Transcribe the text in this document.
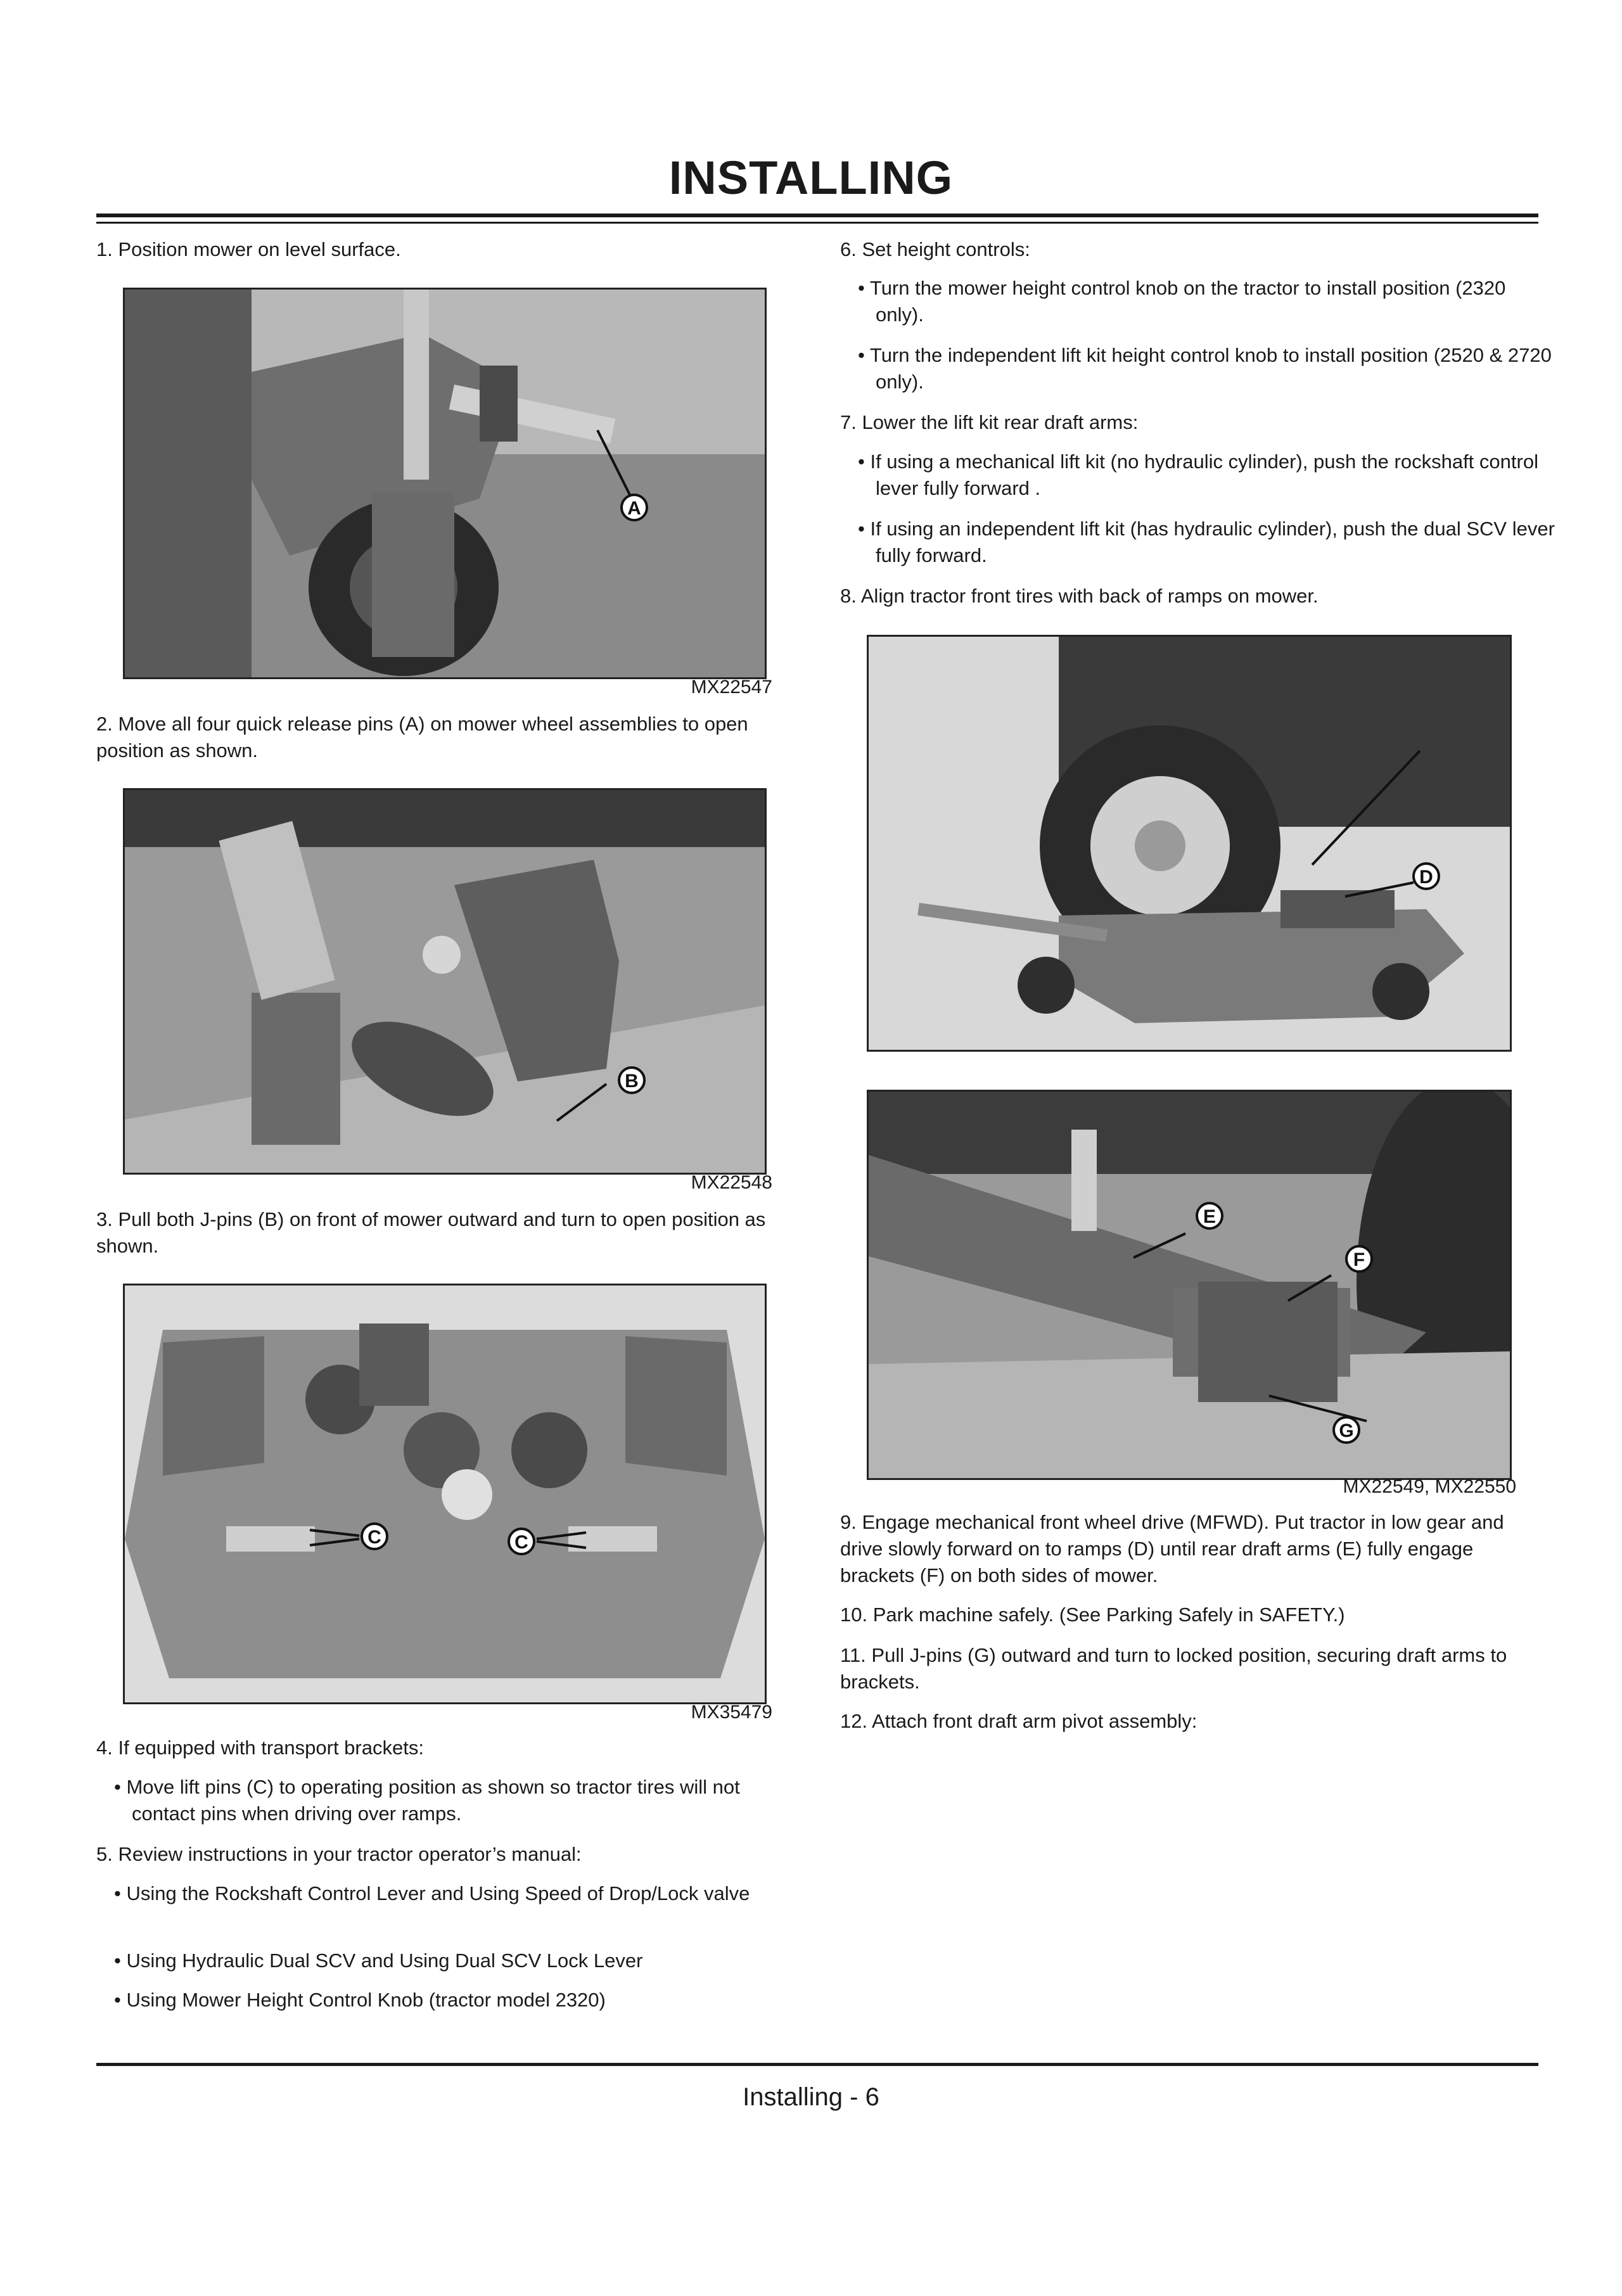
INSTALLING
1. Position mower on level surface.
A
MX22547
2. Move all four quick release pins (A) on mower wheel assemblies to open position as shown.
B
MX22548
3. Pull both J-pins (B) on front of mower outward and turn to open position as shown.
C	C
MX35479
4. If equipped with transport brackets:
• Move lift pins (C) to operating position as shown so tractor tires will not contact pins when driving over ramps.
5. Review instructions in your tractor operator’s manual:
• Using the Rockshaft Control Lever and Using Speed of Drop/Lock valve
• Using Hydraulic Dual SCV and Using Dual SCV Lock Lever
• Using Mower Height Control Knob (tractor model 2320)
6. Set height controls:
• Turn the mower height control knob on the tractor to install position (2320 only).
• Turn the independent lift kit height control knob to install position (2520 & 2720 only).
7. Lower the lift kit rear draft arms:
• If using a mechanical lift kit (no hydraulic cylinder), push the rockshaft control lever fully forward .
• If using an independent lift kit (has hydraulic cylinder), push the dual SCV lever fully forward.
8. Align tractor front tires with back of ramps on mower.
D
E
F
G
MX22549, MX22550
9. Engage mechanical front wheel drive (MFWD). Put tractor in low gear and drive slowly forward on to ramps (D) until rear draft arms (E) fully engage brackets (F) on both sides of mower.
10. Park machine safely. (See Parking Safely in SAFETY.)
11. Pull J-pins (G) outward and turn to locked position, securing draft arms to brackets.
12. Attach front draft arm pivot assembly:
Installing - 6
